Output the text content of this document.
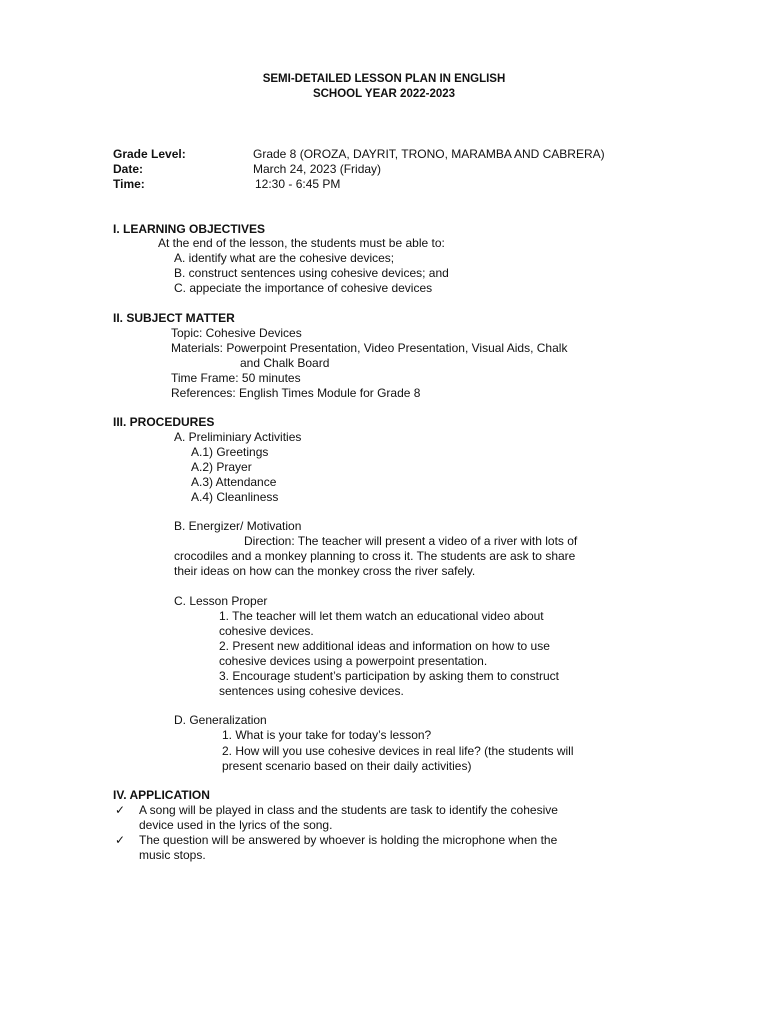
SEMI-DETAILED LESSON PLAN IN ENGLISH
SCHOOL YEAR 2022-2023
Grade Level:	Grade 8 (OROZA, DAYRIT, TRONO, MARAMBA AND CABRERA)
Date:	March 24, 2023 (Friday)
Time:	12:30 - 6:45 PM
I. LEARNING OBJECTIVES
At the end of the lesson, the students must be able to:
A. identify what are the cohesive devices;
B. construct sentences using cohesive devices; and
C. appeciate the importance of cohesive devices
II. SUBJECT MATTER
Topic: Cohesive Devices
Materials: Powerpoint Presentation, Video Presentation, Visual Aids, Chalk
and Chalk Board
Time Frame: 50 minutes
References: English Times Module for Grade 8
III. PROCEDURES
A. Preliminiary Activities
A.1) Greetings
A.2) Prayer
A.3) Attendance
A.4) Cleanliness
B. Energizer/ Motivation
Direction: The teacher will present a video of a river with lots of
crocodiles and a monkey planning to cross it. The students are ask to share
their ideas on how can the monkey cross the river safely.
C. Lesson Proper
1. The teacher will let them watch an educational video about
cohesive devices.
2. Present new additional ideas and information on how to use
cohesive devices using a powerpoint presentation.
3. Encourage student’s participation by asking them to construct
sentences using cohesive devices.
D. Generalization
1. What is your take for today’s lesson?
2. How will you use cohesive devices in real life? (the students will
present scenario based on their daily activities)
IV. APPLICATION
✓ A song will be played in class and the students are task to identify the cohesive
device used in the lyrics of the song.
✓ The question will be answered by whoever is holding the microphone when the
music stops.
